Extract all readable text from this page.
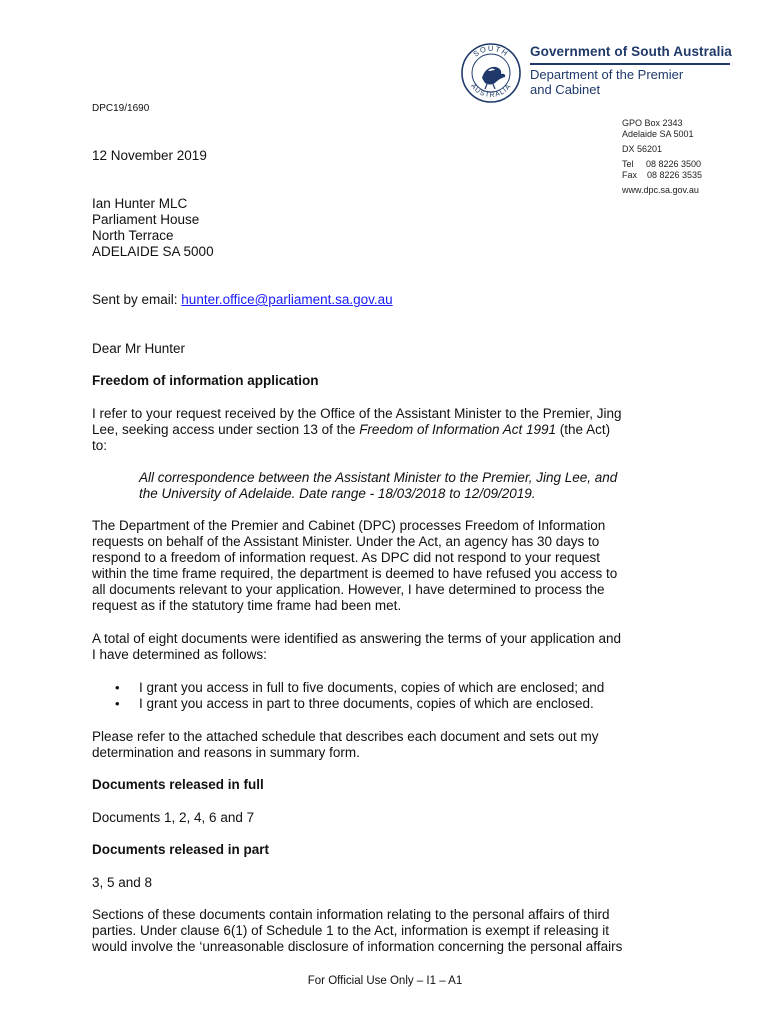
SOUTH
AUSTRALIA
Government of South Australia
Department of the Premier
and Cabinet
DPC19/1690
GPO Box 2343
Adelaide SA 5001
DX 56201
Tel     08 8226 3500
Fax    08 8226 3535
www.dpc.sa.gov.au
12 November 2019
Ian Hunter MLC
Parliament House
North Terrace
ADELAIDE SA 5000
Sent by email: hunter.office@parliament.sa.gov.au
Dear Mr Hunter
Freedom of information application
I refer to your request received by the Office of the Assistant Minister to the Premier, Jing
Lee, seeking access under section 13 of the Freedom of Information Act 1991 (the Act)
to:
All correspondence between the Assistant Minister to the Premier, Jing Lee, and
the University of Adelaide. Date range - 18/03/2018 to 12/09/2019.
The Department of the Premier and Cabinet (DPC) processes Freedom of Information
requests on behalf of the Assistant Minister. Under the Act, an agency has 30 days to
respond to a freedom of information request. As DPC did not respond to your request
within the time frame required, the department is deemed to have refused you access to
all documents relevant to your application. However, I have determined to process the
request as if the statutory time frame had been met.
A total of eight documents were identified as answering the terms of your application and
I have determined as follows:
• I grant you access in full to five documents, copies of which are enclosed; and
• I grant you access in part to three documents, copies of which are enclosed.
Please refer to the attached schedule that describes each document and sets out my
determination and reasons in summary form.
Documents released in full
Documents 1, 2, 4, 6 and 7
Documents released in part
3, 5 and 8
Sections of these documents contain information relating to the personal affairs of third
parties. Under clause 6(1) of Schedule 1 to the Act, information is exempt if releasing it
would involve the ‘unreasonable disclosure of information concerning the personal affairs
For Official Use Only – I1 – A1
